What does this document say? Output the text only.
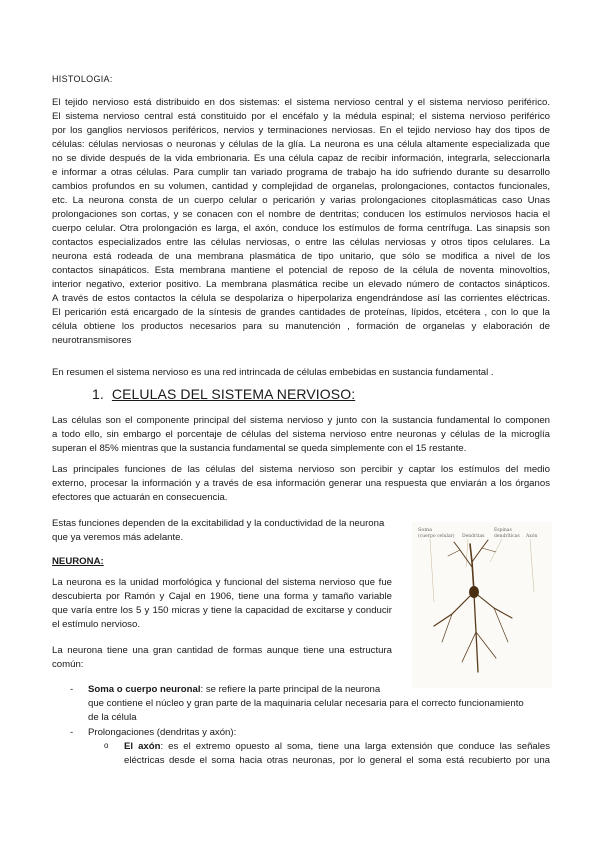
HISTOLOGIA:

El tejido nervioso está distribuido en dos sistemas: el sistema nervioso central y el sistema nervioso periférico.

El sistema nervioso central está constituido por el encéfalo y la médula espinal; el sistema nervioso periférico

por los ganglios nerviosos periféricos, nervios y terminaciones nerviosas. En el tejido nervioso hay dos tipos de

células: células nerviosas o neuronas y células de la glía. La neurona es una célula altamente especializada que

no se divide después de la vida embrionaria. Es una célula capaz de recibir información, integrarla, seleccionarla

e informar a otras células. Para cumplir tan variado programa de trabajo ha ido sufriendo durante su desarrollo

cambios profundos en su volumen, cantidad y complejidad de organelas, prolongaciones, contactos funcionales,

etc. La neurona consta de un cuerpo celular o pericarión y varias prolongaciones citoplasmáticas caso Unas

prolongaciones son cortas, y se conacen con el nombre de dentritas; conducen los estímulos nerviosos hacia el

cuerpo celular. Otra prolongación es larga, el axón, conduce los estímulos de forma centrífuga. Las sinapsis son

contactos especializados entre las células nerviosas, o entre las células nerviosas y otros tipos celulares. La

neurona está rodeada de una membrana plasmática de tipo unitario, que sólo se modifica a nivel de los

contactos sinapáticos. Esta membrana mantiene el potencial de reposo de la célula de noventa minovoltios,

interior negativo, exterior positivo. La membrana plasmática recibe un elevado número de contactos sinápticos.

A través de estos contactos la célula se despolariza o hiperpolariza engendrándose así las corrientes eléctricas.

El pericarión está encargado de la síntesis de grandes cantidades de proteínas, lípidos, etcétera , con lo que la

célula obtiene los productos necesarios para su manutención , formación de organelas y elaboración de

neurotransmisores

En resumen el sistema nervioso es una red intrincada de células embebidas en sustancia fundamental .

1. CELULAS DEL SISTEMA NERVIOSO:

Las células son el componente principal del sistema nervioso y junto con la sustancia fundamental lo componen

a todo ello, sin embargo el porcentaje de células del sistema nervioso entre neuronas y células de la microglía

superan el 85% mientras que la sustancia fundamental se queda simplemente con el 15 restante.

Las principales funciones de las células del sistema nervioso son percibir y captar los estímulos del medio

externo, procesar la información y a través de esa información generar una respuesta que enviarán a los órganos

efectores que actuarán en consecuencia.

Estas funciones dependen de la excitabilidad y la conductividad de la neurona

que ya veremos más adelante.

NEURONA:

La neurona es la unidad morfológica y funcional del sistema nervioso que fue

descubierta por Ramón y Cajal en 1906, tiene una forma y tamaño variable

que varía entre los 5 y 150 micras y tiene la capacidad de excitarse y conducir

el estímulo nervioso.

La neurona tiene una gran cantidad de formas aunque tiene una estructura

común:

- Soma o cuerpo neuronal: se refiere la parte principal de la neurona

que contiene el núcleo y gran parte de la maquinaria celular necesaria para el correcto funcionamiento

de la célula

- Prolongaciones (dendritas y axón):

o El axón: es el extremo opuesto al soma, tiene una larga extensión que conduce las señales

eléctricas desde el soma hacia otras neuronas, por lo general el soma está recubierto por una

Soma
(cuerpo celular) Dendritas
Espinas
dendríticas Axón
